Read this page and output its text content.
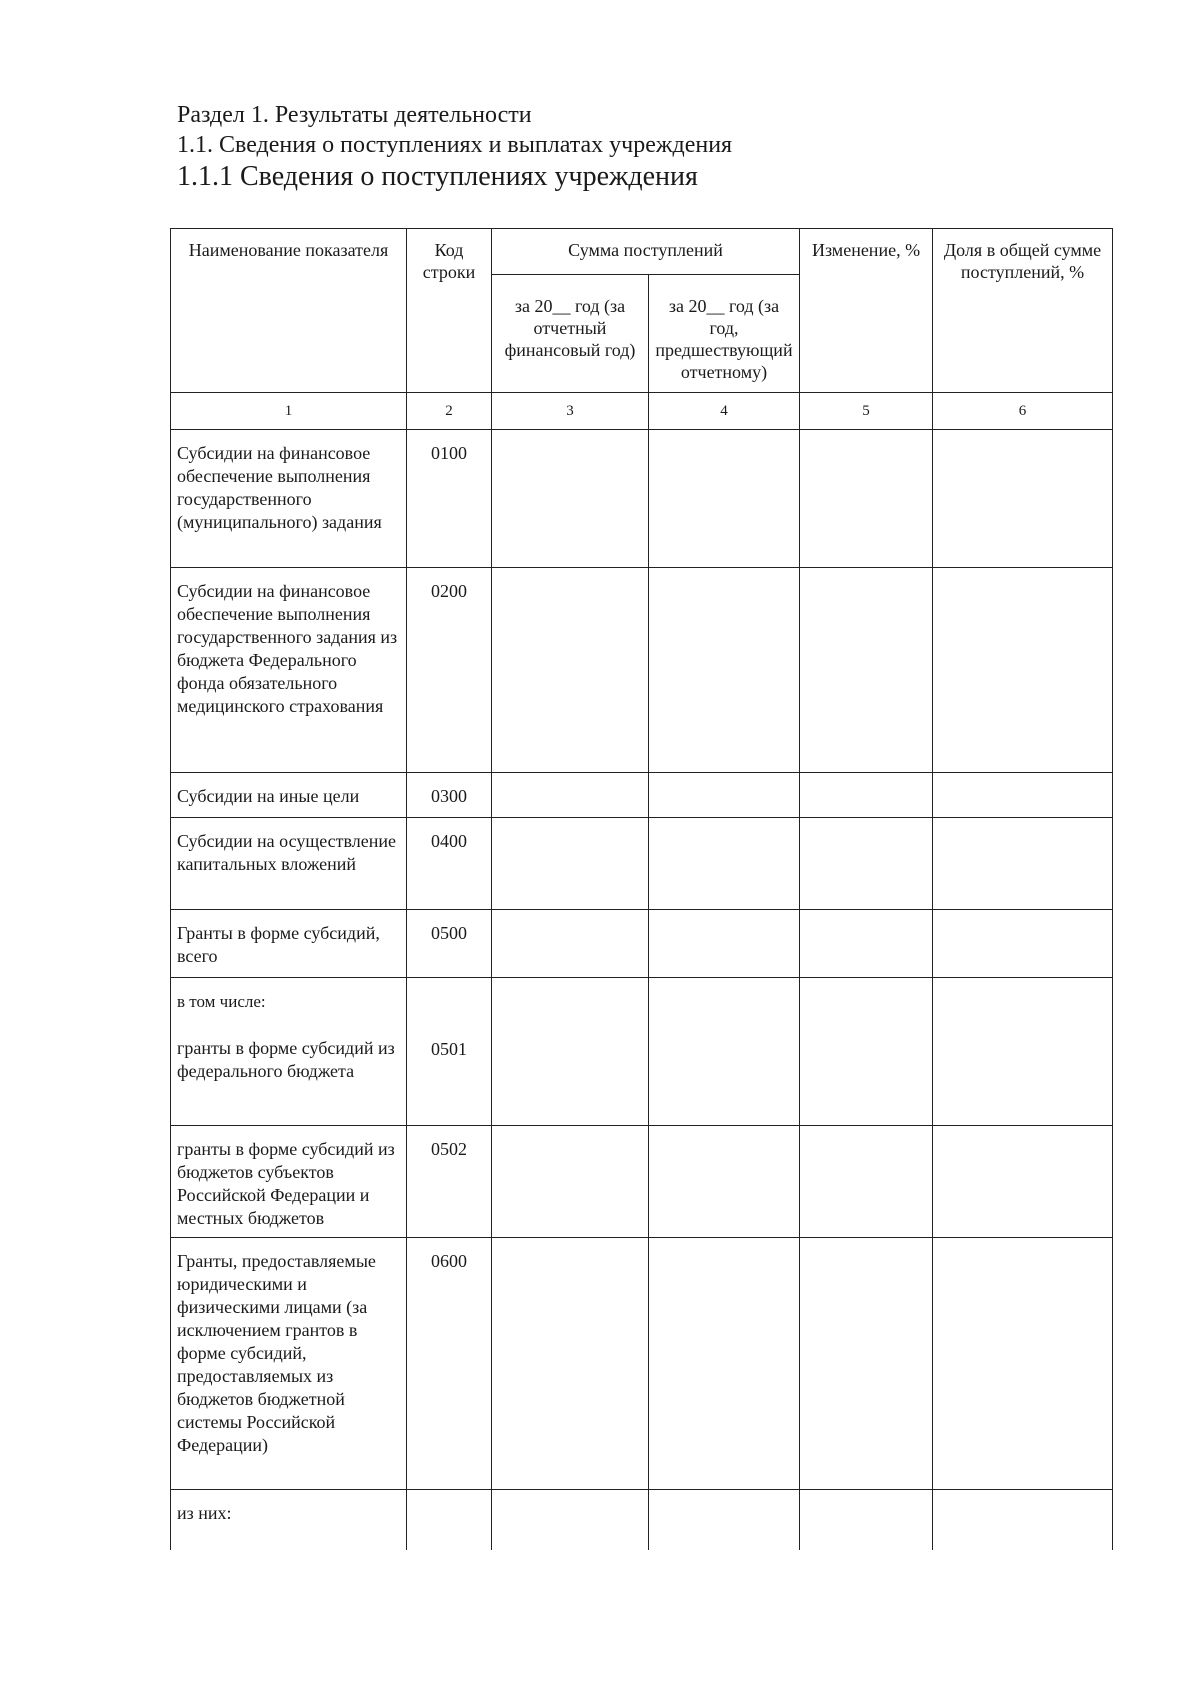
Раздел 1. Результаты деятельности
1.1. Сведения о поступлениях и выплатах учреждения
1.1.1 Сведения о поступлениях учреждения
Наименование показателя	Код строки	Сумма поступлений		Изменение, %	Доля в общей сумме поступлений, %
		за 20__ год (за отчетный финансовый год)	за 20__ год (за год, предшествующий отчетному)		
1	2	3	4	5	6
Субсидии на финансовое обеспечение выполнения государственного (муниципального) задания	0100				
Субсидии на финансовое обеспечение выполнения государственного задания из бюджета Федерального фонда обязательного медицинского страхования	0200				
Субсидии на иные цели	0300				
Субсидии на осуществление капитальных вложений	0400				
Гранты в форме субсидий, всего	0500				

в том числе:
гранты в форме субсидий из федерального бюджета	0501				
гранты в форме субсидий из бюджетов субъектов Российской Федерации и местных бюджетов	0502				
Гранты, предоставляемые юридическими и физическими лицами (за исключением грантов в форме субсидий, предоставляемых из бюджетов бюджетной системы Российской Федерации)	0600				
из них:					
